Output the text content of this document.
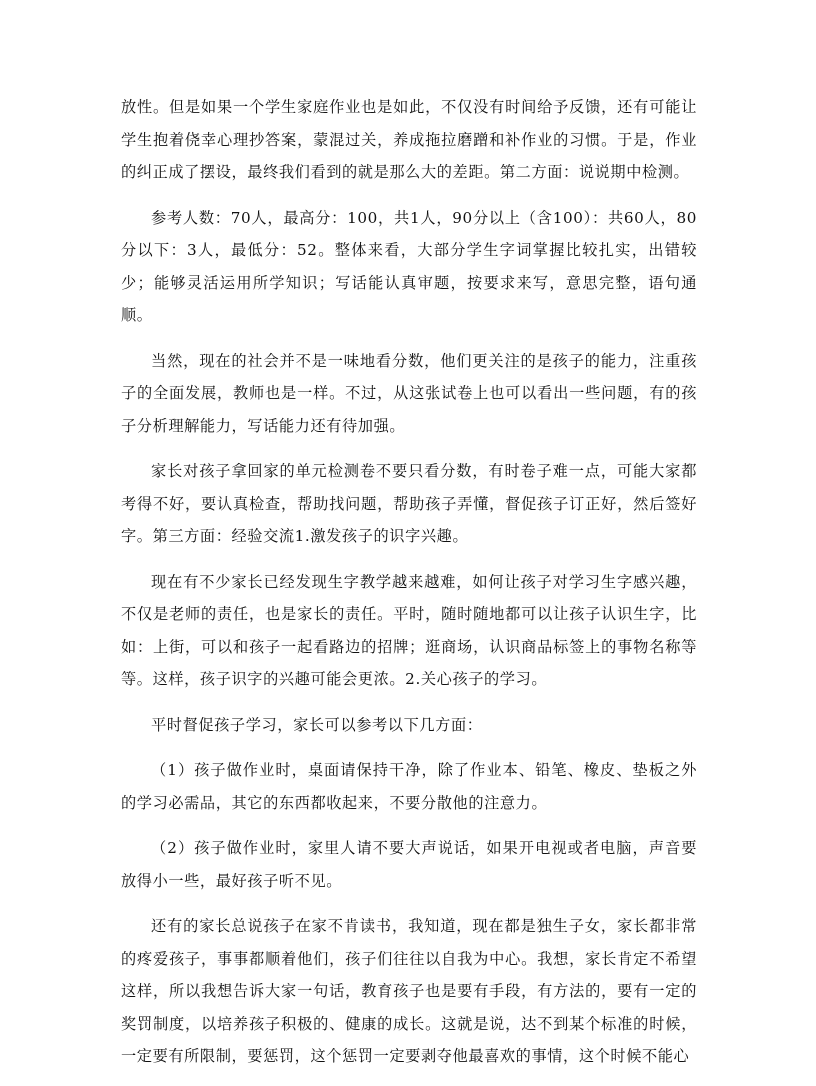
放性。但是如果一个学生家庭作业也是如此，不仅没有时间给予反馈，还有可能让学生抱着侥幸心理抄答案，蒙混过关，养成拖拉磨蹭和补作业的习惯。于是，作业的纠正成了摆设，最终我们看到的就是那么大的差距。第二方面：说说期中检测。

参考人数：70人，最高分：100，共1人，90分以上（含100）：共60人，80分以下：3人，最低分：52。整体来看，大部分学生字词掌握比较扎实，出错较少；能够灵活运用所学知识；写话能认真审题，按要求来写，意思完整，语句通顺。

当然，现在的社会并不是一味地看分数，他们更关注的是孩子的能力，注重孩子的全面发展，教师也是一样。不过，从这张试卷上也可以看出一些问题，有的孩子分析理解能力，写话能力还有待加强。

家长对孩子拿回家的单元检测卷不要只看分数，有时卷子难一点，可能大家都考得不好，要认真检查，帮助找问题，帮助孩子弄懂，督促孩子订正好，然后签好字。第三方面：经验交流1.激发孩子的识字兴趣。

现在有不少家长已经发现生字教学越来越难，如何让孩子对学习生字感兴趣，不仅是老师的责任，也是家长的责任。平时，随时随地都可以让孩子认识生字，比如：上街，可以和孩子一起看路边的招牌；逛商场，认识商品标签上的事物名称等等。这样，孩子识字的兴趣可能会更浓。2.关心孩子的学习。

平时督促孩子学习，家长可以参考以下几方面：

（1）孩子做作业时，桌面请保持干净，除了作业本、铅笔、橡皮、垫板之外的学习必需品，其它的东西都收起来，不要分散他的注意力。

（2）孩子做作业时，家里人请不要大声说话，如果开电视或者电脑，声音要放得小一些，最好孩子听不见。

还有的家长总说孩子在家不肯读书，我知道，现在都是独生子女，家长都非常的疼爱孩子，事事都顺着他们，孩子们往往以自我为中心。我想，家长肯定不希望这样，所以我想告诉大家一句话，教育孩子也是要有手段，有方法的，要有一定的奖罚制度，以培养孩子积极的、健康的成长。这就是说，达不到某个标准的时候，一定要有所限制，要惩罚，这个惩罚一定要剥夺他最喜欢的事情，这个时候不能心
